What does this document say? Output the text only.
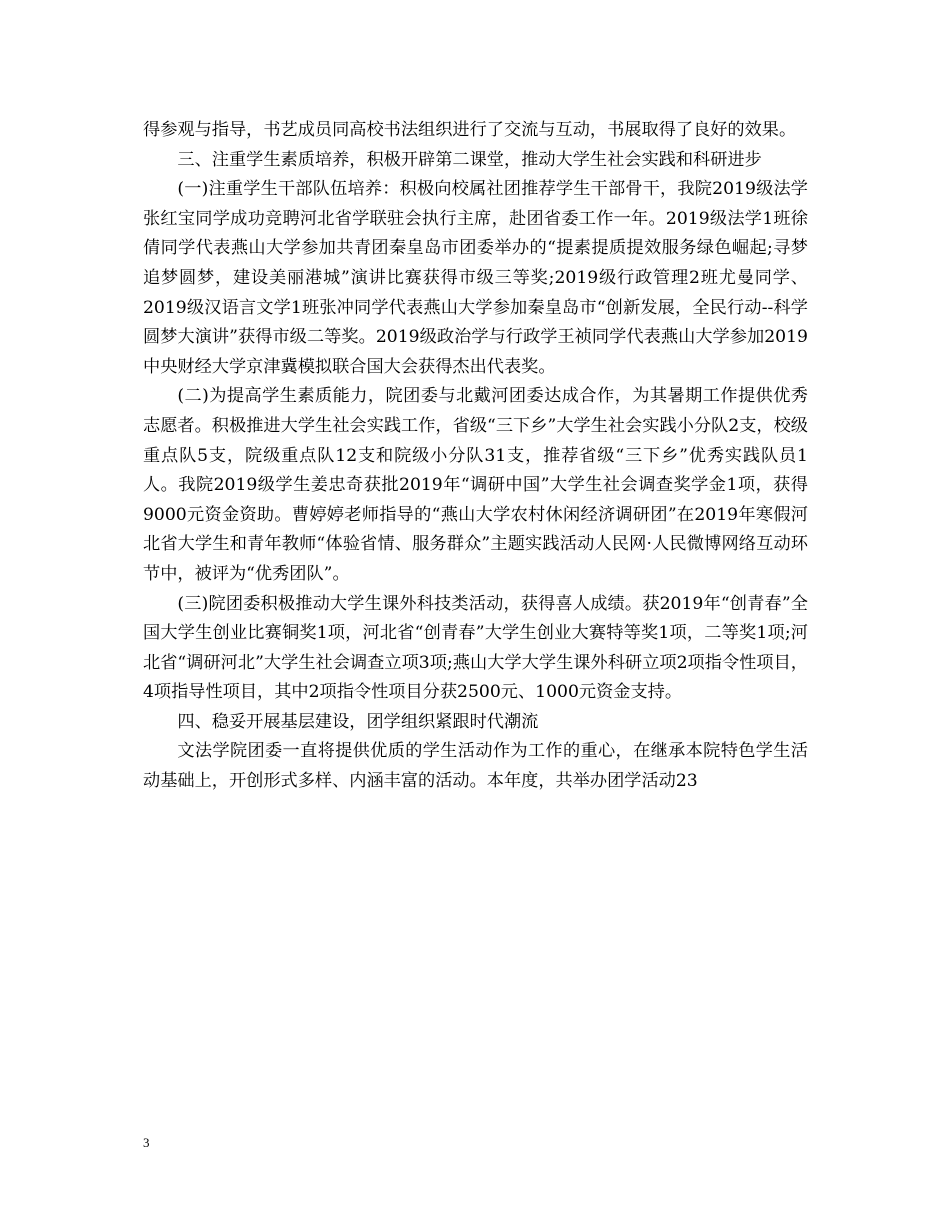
得参观与指导，书艺成员同高校书法组织进行了交流与互动，书展取得了良好的效果。

三、注重学生素质培养，积极开辟第二课堂，推动大学生社会实践和科研进步

(一)注重学生干部队伍培养：积极向校属社团推荐学生干部骨干，我院2019级法学张红宝同学成功竞聘河北省学联驻会执行主席，赴团省委工作一年。2019级法学1班徐倩同学代表燕山大学参加共青团秦皇岛市团委举办的“提素提质提效服务绿色崛起;寻梦追梦圆梦，建设美丽港城”演讲比赛获得市级三等奖;2019级行政管理2班尤曼同学、2019级汉语言文学1班张冲同学代表燕山大学参加秦皇岛市“创新发展，全民行动--科学圆梦大演讲”获得市级二等奖。2019级政治学与行政学王祯同学代表燕山大学参加2019中央财经大学京津冀模拟联合国大会获得杰出代表奖。

(二)为提高学生素质能力，院团委与北戴河团委达成合作，为其暑期工作提供优秀志愿者。积极推进大学生社会实践工作，省级“三下乡”大学生社会实践小分队2支，校级重点队5支，院级重点队12支和院级小分队31支，推荐省级“三下乡”优秀实践队员1人。我院2019级学生姜忠奇获批2019年“调研中国”大学生社会调查奖学金1项，获得9000元资金资助。曹婷婷老师指导的“燕山大学农村休闲经济调研团”在2019年寒假河北省大学生和青年教师“体验省情、服务群众”主题实践活动人民网·人民微博网络互动环节中，被评为“优秀团队”。

(三)院团委积极推动大学生课外科技类活动，获得喜人成绩。获2019年“创青春”全国大学生创业比赛铜奖1项，河北省“创青春”大学生创业大赛特等奖1项，二等奖1项;河北省“调研河北”大学生社会调查立项3项;燕山大学大学生课外科研立项2项指令性项目，4项指导性项目，其中2项指令性项目分获2500元、1000元资金支持。

四、稳妥开展基层建设，团学组织紧跟时代潮流

文法学院团委一直将提供优质的学生活动作为工作的重心，在继承本院特色学生活动基础上，开创形式多样、内涵丰富的活动。本年度，共举办团学活动23

3
